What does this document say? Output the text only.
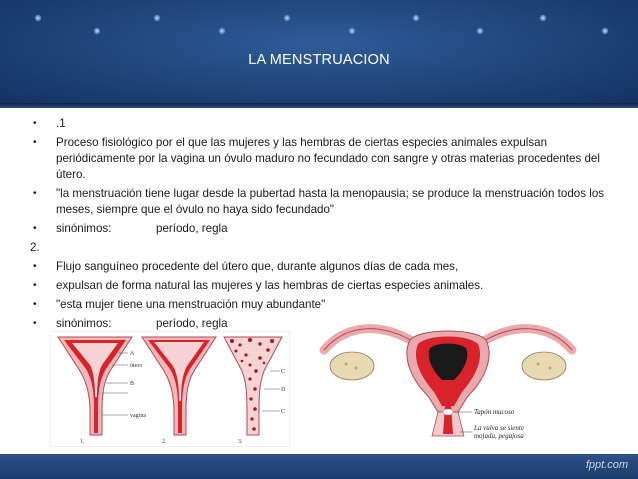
LA MENSTRUACION
•	.1
•	Proceso fisiológico por el que las mujeres y las hembras de ciertas especies animales expulsan periódicamente por la vagina un óvulo maduro no fecundado con sangre y otras materias procedentes del útero.
•	"la menstruación tiene lugar desde la pubertad hasta la menopausia; se produce la menstruación todos los meses, siempre que el óvulo no haya sido fecundado"
•	sinónimos:	período, regla
2.
•	Flujo sanguíneo procedente del útero que, durante algunos días de cada mes,
•	expulsan de forma natural las mujeres y las hembras de ciertas especies animales.
•	"esta mujer tiene una menstruación muy abundante"
•	sinónimos:	período, regla
A
útero
B
vagina
C
D
C
1.	2.	3.
Tapón mucoso
La vulva se siente
mojada, pegajosa
fppt.com
